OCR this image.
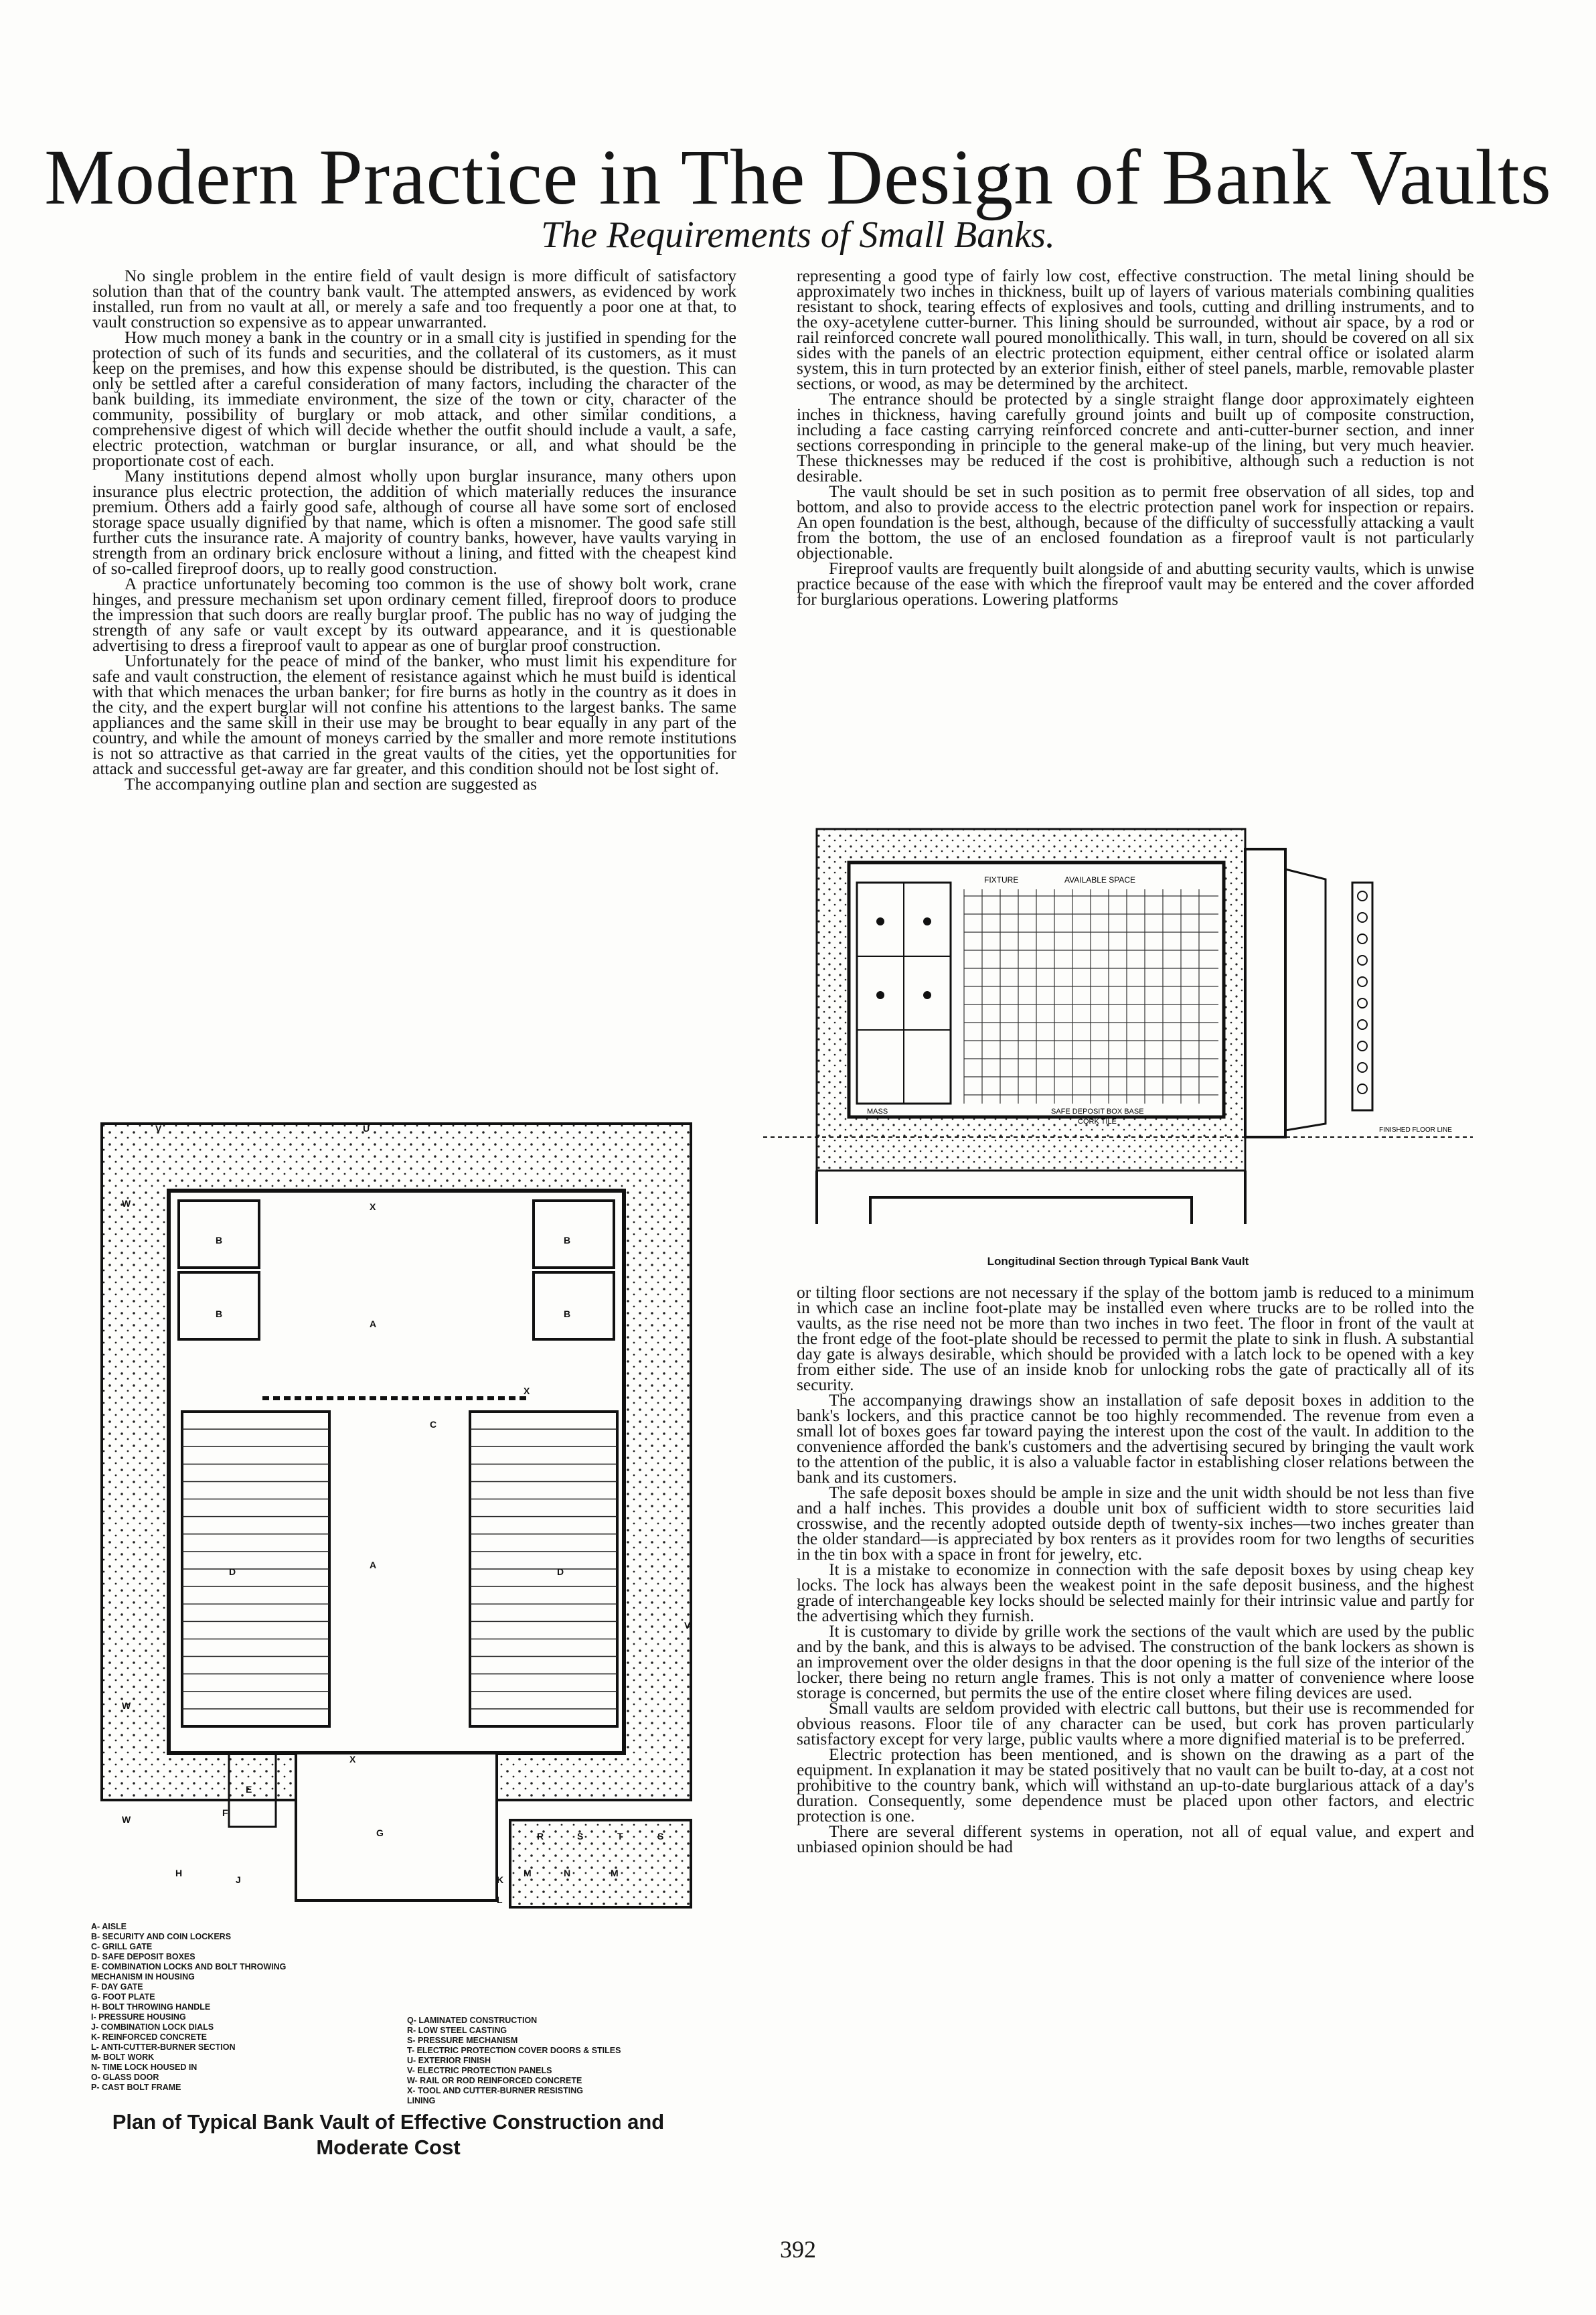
Modern Practice in The Design of Bank Vaults
The Requirements of Small Banks.

No single problem in the entire field of vault design is more difficult of satisfactory solution than that of the country bank vault. The attempted answers, as evidenced by work installed, run from no vault at all, or merely a safe and too frequently a poor one at that, to vault construction so expensive as to appear unwarranted.

How much money a bank in the country or in a small city is justified in spending for the protection of such of its funds and securities, and the collateral of its customers, as it must keep on the premises, and how this expense should be distributed, is the question. This can only be settled after a careful consideration of many factors, including the character of the bank building, its immediate environment, the size of the town or city, character of the community, possibility of burglary or mob attack, and other similar conditions, a comprehensive digest of which will decide whether the outfit should include a vault, a safe, electric protection, watchman or burglar insurance, or all, and what should be the proportionate cost of each.

Many institutions depend almost wholly upon burglar insurance, many others upon insurance plus electric protection, the addition of which materially reduces the insurance premium. Others add a fairly good safe, although of course all have some sort of enclosed storage space usually dignified by that name, which is often a misnomer. The good safe still further cuts the insurance rate. A majority of country banks, however, have vaults varying in strength from an ordinary brick enclosure without a lining, and fitted with the cheapest kind of so-called fireproof doors, up to really good construction.

A practice unfortunately becoming too common is the use of showy bolt work, crane hinges, and pressure mechanism set upon ordinary cement filled, fireproof doors to produce the impression that such doors are really burglar proof. The public has no way of judging the strength of any safe or vault except by its outward appearance, and it is questionable advertising to dress a fireproof vault to appear as one of burglar proof construction.

Unfortunately for the peace of mind of the banker, who must limit his expenditure for safe and vault construction, the element of resistance against which he must build is identical with that which menaces the urban banker; for fire burns as hotly in the country as it does in the city, and the expert burglar will not confine his attentions to the largest banks. The same appliances and the same skill in their use may be brought to bear equally in any part of the country, and while the amount of moneys carried by the smaller and more remote institutions is not so attractive as that carried in the great vaults of the cities, yet the opportunities for attack and successful get-away are far greater, and this condition should not be lost sight of.

The accompanying outline plan and section are suggested as

representing a good type of fairly low cost, effective construction. The metal lining should be approximately two inches in thickness, built up of layers of various materials combining qualities resistant to shock, tearing effects of explosives and tools, cutting and drilling instruments, and to the oxy-acetylene cutter-burner. This lining should be surrounded, without air space, by a rod or rail reinforced concrete wall poured monolithically. This wall, in turn, should be covered on all six sides with the panels of an electric protection equipment, either central office or isolated alarm system, this in turn protected by an exterior finish, either of steel panels, marble, removable plaster sections, or wood, as may be determined by the architect.

The entrance should be protected by a single straight flange door approximately eighteen inches in thickness, having carefully ground joints and built up of composite construction, including a face casting carrying reinforced concrete and anti-cutter-burner section, and inner sections corresponding in principle to the general make-up of the lining, but very much heavier. These thicknesses may be reduced if the cost is prohibitive, although such a reduction is not desirable.

The vault should be set in such position as to permit free observation of all sides, top and bottom, and also to provide access to the electric protection panel work for inspection or repairs. An open foundation is the best, although, because of the difficulty of successfully attacking a vault from the bottom, the use of an enclosed foundation as a fireproof vault is not particularly objectionable.

Fireproof vaults are frequently built alongside of and abutting security vaults, which is unwise practice because of the ease with which the fireproof vault may be entered and the cover afforded for burglarious operations. Lowering platforms

or tilting floor sections are not necessary if the splay of the bottom jamb is reduced to a minimum in which case an incline foot-plate may be installed even where trucks are to be rolled into the vaults, as the rise need not be more than two inches in two feet. The floor in front of the vault at the front edge of the foot-plate should be recessed to permit the plate to sink in flush. A substantial day gate is always desirable, which should be provided with a latch lock to be opened with a key from either side. The use of an inside knob for unlocking robs the gate of practically all of its security.

The accompanying drawings show an installation of safe deposit boxes in addition to the bank's lockers, and this practice cannot be too highly recommended. The revenue from even a small lot of boxes goes far toward paying the interest upon the cost of the vault. In addition to the convenience afforded the bank's customers and the advertising secured by bringing the vault work to the attention of the public, it is also a valuable factor in establishing closer relations between the bank and its customers.

The safe deposit boxes should be ample in size and the unit width should be not less than five and a half inches. This provides a double unit box of sufficient width to store securities laid crosswise, and the recently adopted outside depth of twenty-six inches—two inches greater than the older standard—is appreciated by box renters as it provides room for two lengths of securities in the tin box with a space in front for jewelry, etc.

It is a mistake to economize in connection with the safe deposit boxes by using cheap key locks. The lock has always been the weakest point in the safe deposit business, and the highest grade of interchangeable key locks should be selected mainly for their intrinsic value and partly for the advertising which they furnish.

It is customary to divide by grille work the sections of the vault which are used by the public and by the bank, and this is always to be advised. The construction of the bank lockers as shown is an improvement over the older designs in that the door opening is the full size of the interior of the locker, there being no return angle frames. This is not only a matter of convenience where loose storage is concerned, but permits the use of the entire closet where filing devices are used.

Small vaults are seldom provided with electric call buttons, but their use is recommended for obvious reasons. Floor tile of any character can be used, but cork has proven particularly satisfactory except for very large, public vaults where a more dignified material is to be preferred.

Electric protection has been mentioned, and is shown on the drawing as a part of the equipment. In explanation it may be stated positively that no vault can be built to-day, at a cost not prohibitive to the country bank, which will withstand an up-to-date burglarious attack of a day's duration. Consequently, some dependence must be placed upon other factors, and electric protection is one.

There are several different systems in operation, not all of equal value, and expert and unbiased opinion should be had

FIXTURE	AVAILABLE SPACE
MASS	SAFE DEPOSIT BOX BASE
CORK TILE
FINISHED FLOOR LINE
Longitudinal Section through Typical Bank Vault
V	U
W	X
B
B
B
B
A
C
X
X
D	D
A
V
W
W
E
G
F
H
J	K
L
M	N	M
R	S	T	S
A- AISLE
B- SECURITY AND COIN LOCKERS
C- GRILL GATE
D- SAFE DEPOSIT BOXES
E- COMBINATION LOCKS AND BOLT THROWING
MECHANISM IN HOUSING
F- DAY GATE
G- FOOT PLATE
H- BOLT THROWING HANDLE
I- PRESSURE HOUSING
J- COMBINATION LOCK DIALS
K- REINFORCED CONCRETE
L- ANTI-CUTTER-BURNER SECTION
M- BOLT WORK
N- TIME LOCK HOUSED IN
O- GLASS DOOR
P- CAST BOLT FRAME
Q- LAMINATED CONSTRUCTION
R- LOW STEEL CASTING
S- PRESSURE MECHANISM
T- ELECTRIC PROTECTION COVER DOORS & STILES
U- EXTERIOR FINISH
V- ELECTRIC PROTECTION PANELS
W- RAIL OR ROD REINFORCED CONCRETE
X- TOOL AND CUTTER-BURNER RESISTING
LINING
Plan of Typical Bank Vault of Effective Construction and
Moderate Cost
392
